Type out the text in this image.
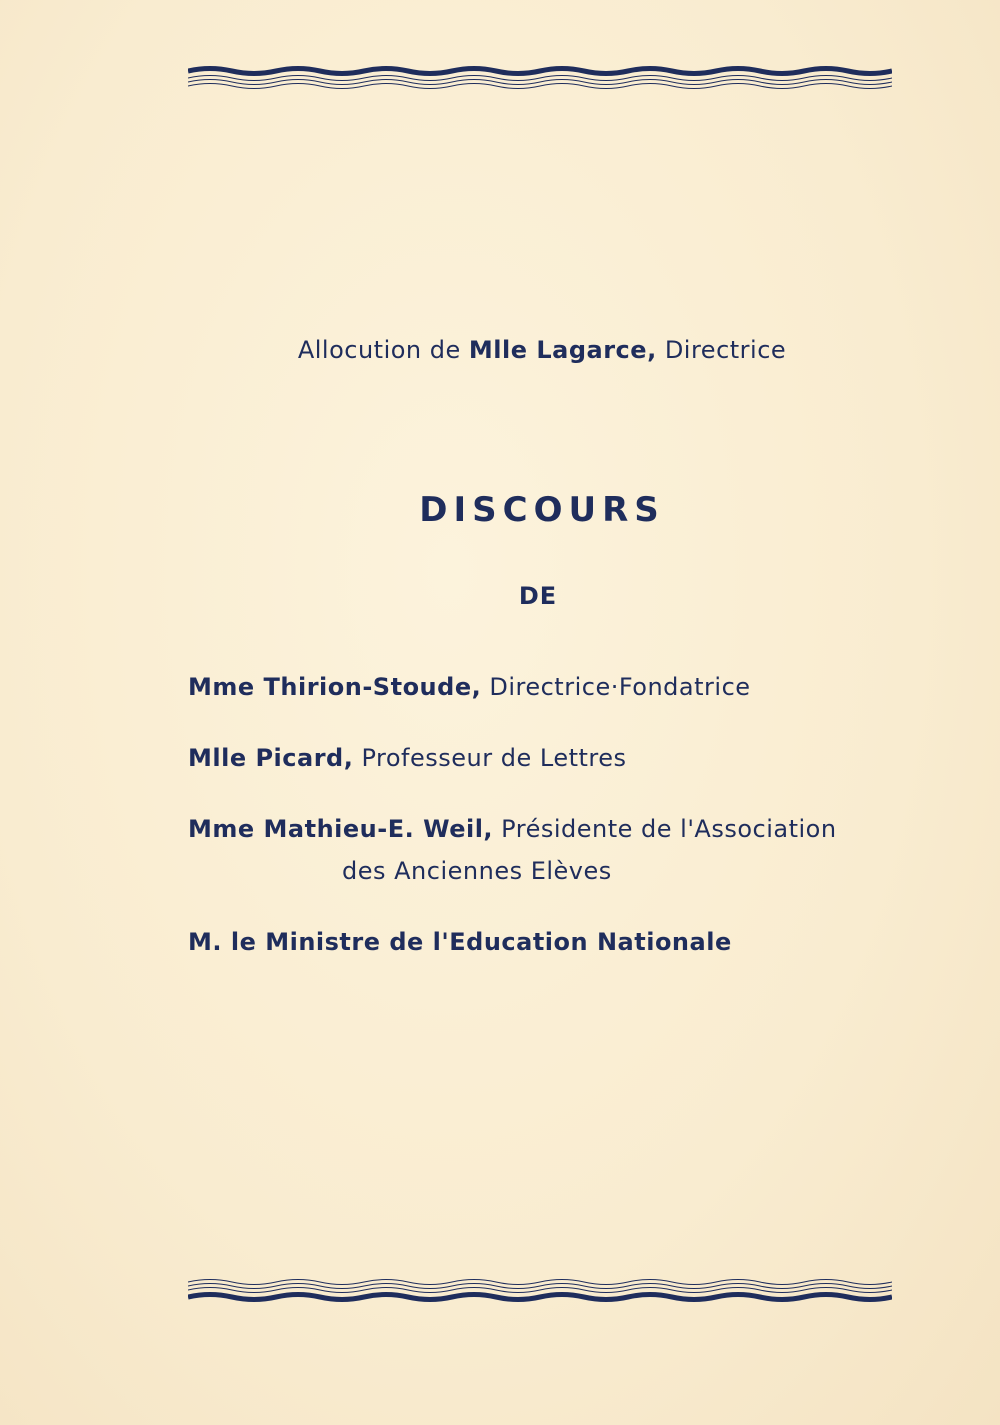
Allocution de Mlle Lagarce, Directrice
DISCOURS
DE
Mme Thirion-Stoude, Directrice·Fondatrice
Mlle Picard, Professeur de Lettres
Mme Mathieu-E. Weil, Présidente de l'Association
des Anciennes Elèves
M. le Ministre de l'Education Nationale
